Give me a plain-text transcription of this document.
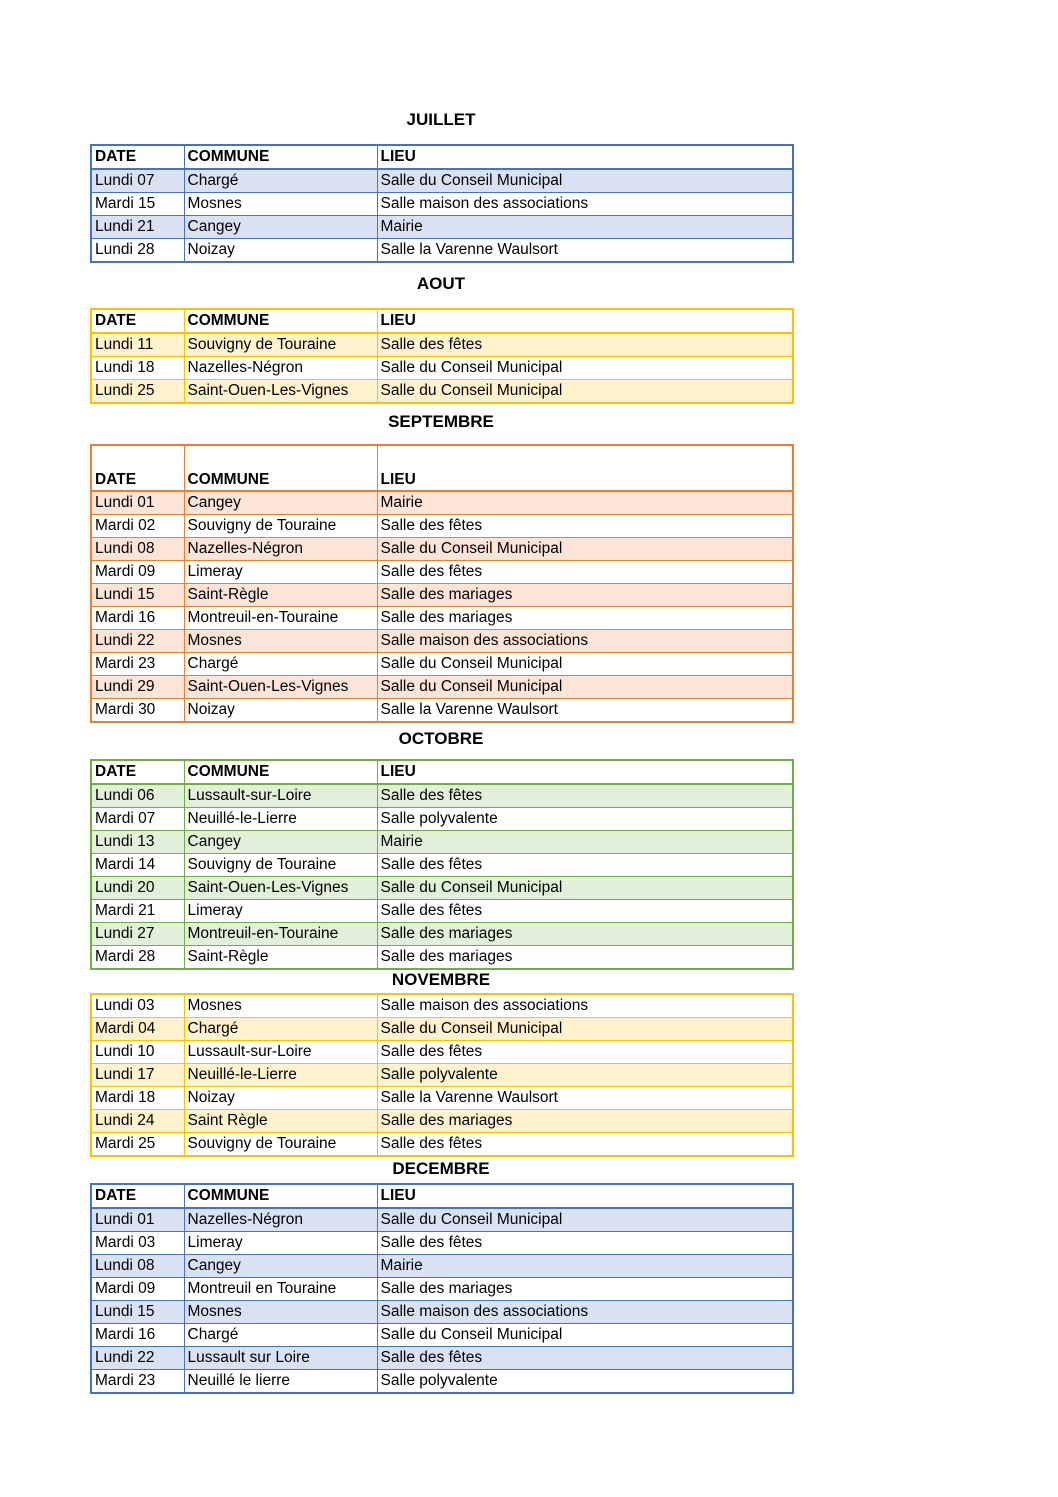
JUILLET
DATE	COMMUNE	LIEU
Lundi 07	Chargé	Salle du Conseil Municipal
Mardi 15	Mosnes	Salle maison des associations
Lundi 21	Cangey	Mairie
Lundi 28	Noizay	Salle la Varenne Waulsort
AOUT
DATE	COMMUNE	LIEU
Lundi 11	Souvigny de Touraine	Salle des fêtes
Lundi 18	Nazelles-Négron	Salle du Conseil Municipal
Lundi 25	Saint-Ouen-Les-Vignes	Salle du Conseil Municipal
SEPTEMBRE
DATE	COMMUNE	LIEU
Lundi 01	Cangey	Mairie
Mardi 02	Souvigny de Touraine	Salle des fêtes
Lundi 08	Nazelles-Négron	Salle du Conseil Municipal
Mardi 09	Limeray	Salle des fêtes
Lundi 15	Saint-Règle	Salle des mariages
Mardi 16	Montreuil-en-Touraine	Salle des mariages
Lundi 22	Mosnes	Salle maison des associations
Mardi 23	Chargé	Salle du Conseil Municipal
Lundi 29	Saint-Ouen-Les-Vignes	Salle du Conseil Municipal
Mardi 30	Noizay	Salle la Varenne Waulsort
OCTOBRE
DATE	COMMUNE	LIEU
Lundi 06	Lussault-sur-Loire	Salle des fêtes
Mardi 07	Neuillé-le-Lierre	Salle polyvalente
Lundi 13	Cangey	Mairie
Mardi 14	Souvigny de Touraine	Salle des fêtes
Lundi 20	Saint-Ouen-Les-Vignes	Salle du Conseil Municipal
Mardi 21	Limeray	Salle des fêtes
Lundi 27	Montreuil-en-Touraine	Salle des mariages
Mardi 28	Saint-Règle	Salle des mariages
NOVEMBRE
Lundi 03	Mosnes	Salle maison des associations
Mardi 04	Chargé	Salle du Conseil Municipal
Lundi 10	Lussault-sur-Loire	Salle des fêtes
Lundi 17	Neuillé-le-Lierre	Salle polyvalente
Mardi 18	Noizay	Salle la Varenne Waulsort
Lundi 24	Saint Règle	Salle des mariages
Mardi 25	Souvigny de Touraine	Salle des fêtes
DECEMBRE
DATE	COMMUNE	LIEU
Lundi 01	Nazelles-Négron	Salle du Conseil Municipal
Mardi 03	Limeray	Salle des fêtes
Lundi 08	Cangey	Mairie
Mardi 09	Montreuil en Touraine	Salle des mariages
Lundi 15	Mosnes	Salle maison des associations
Mardi 16	Chargé	Salle du Conseil Municipal
Lundi 22	Lussault sur Loire	Salle des fêtes
Mardi 23	Neuillé le lierre	Salle polyvalente
